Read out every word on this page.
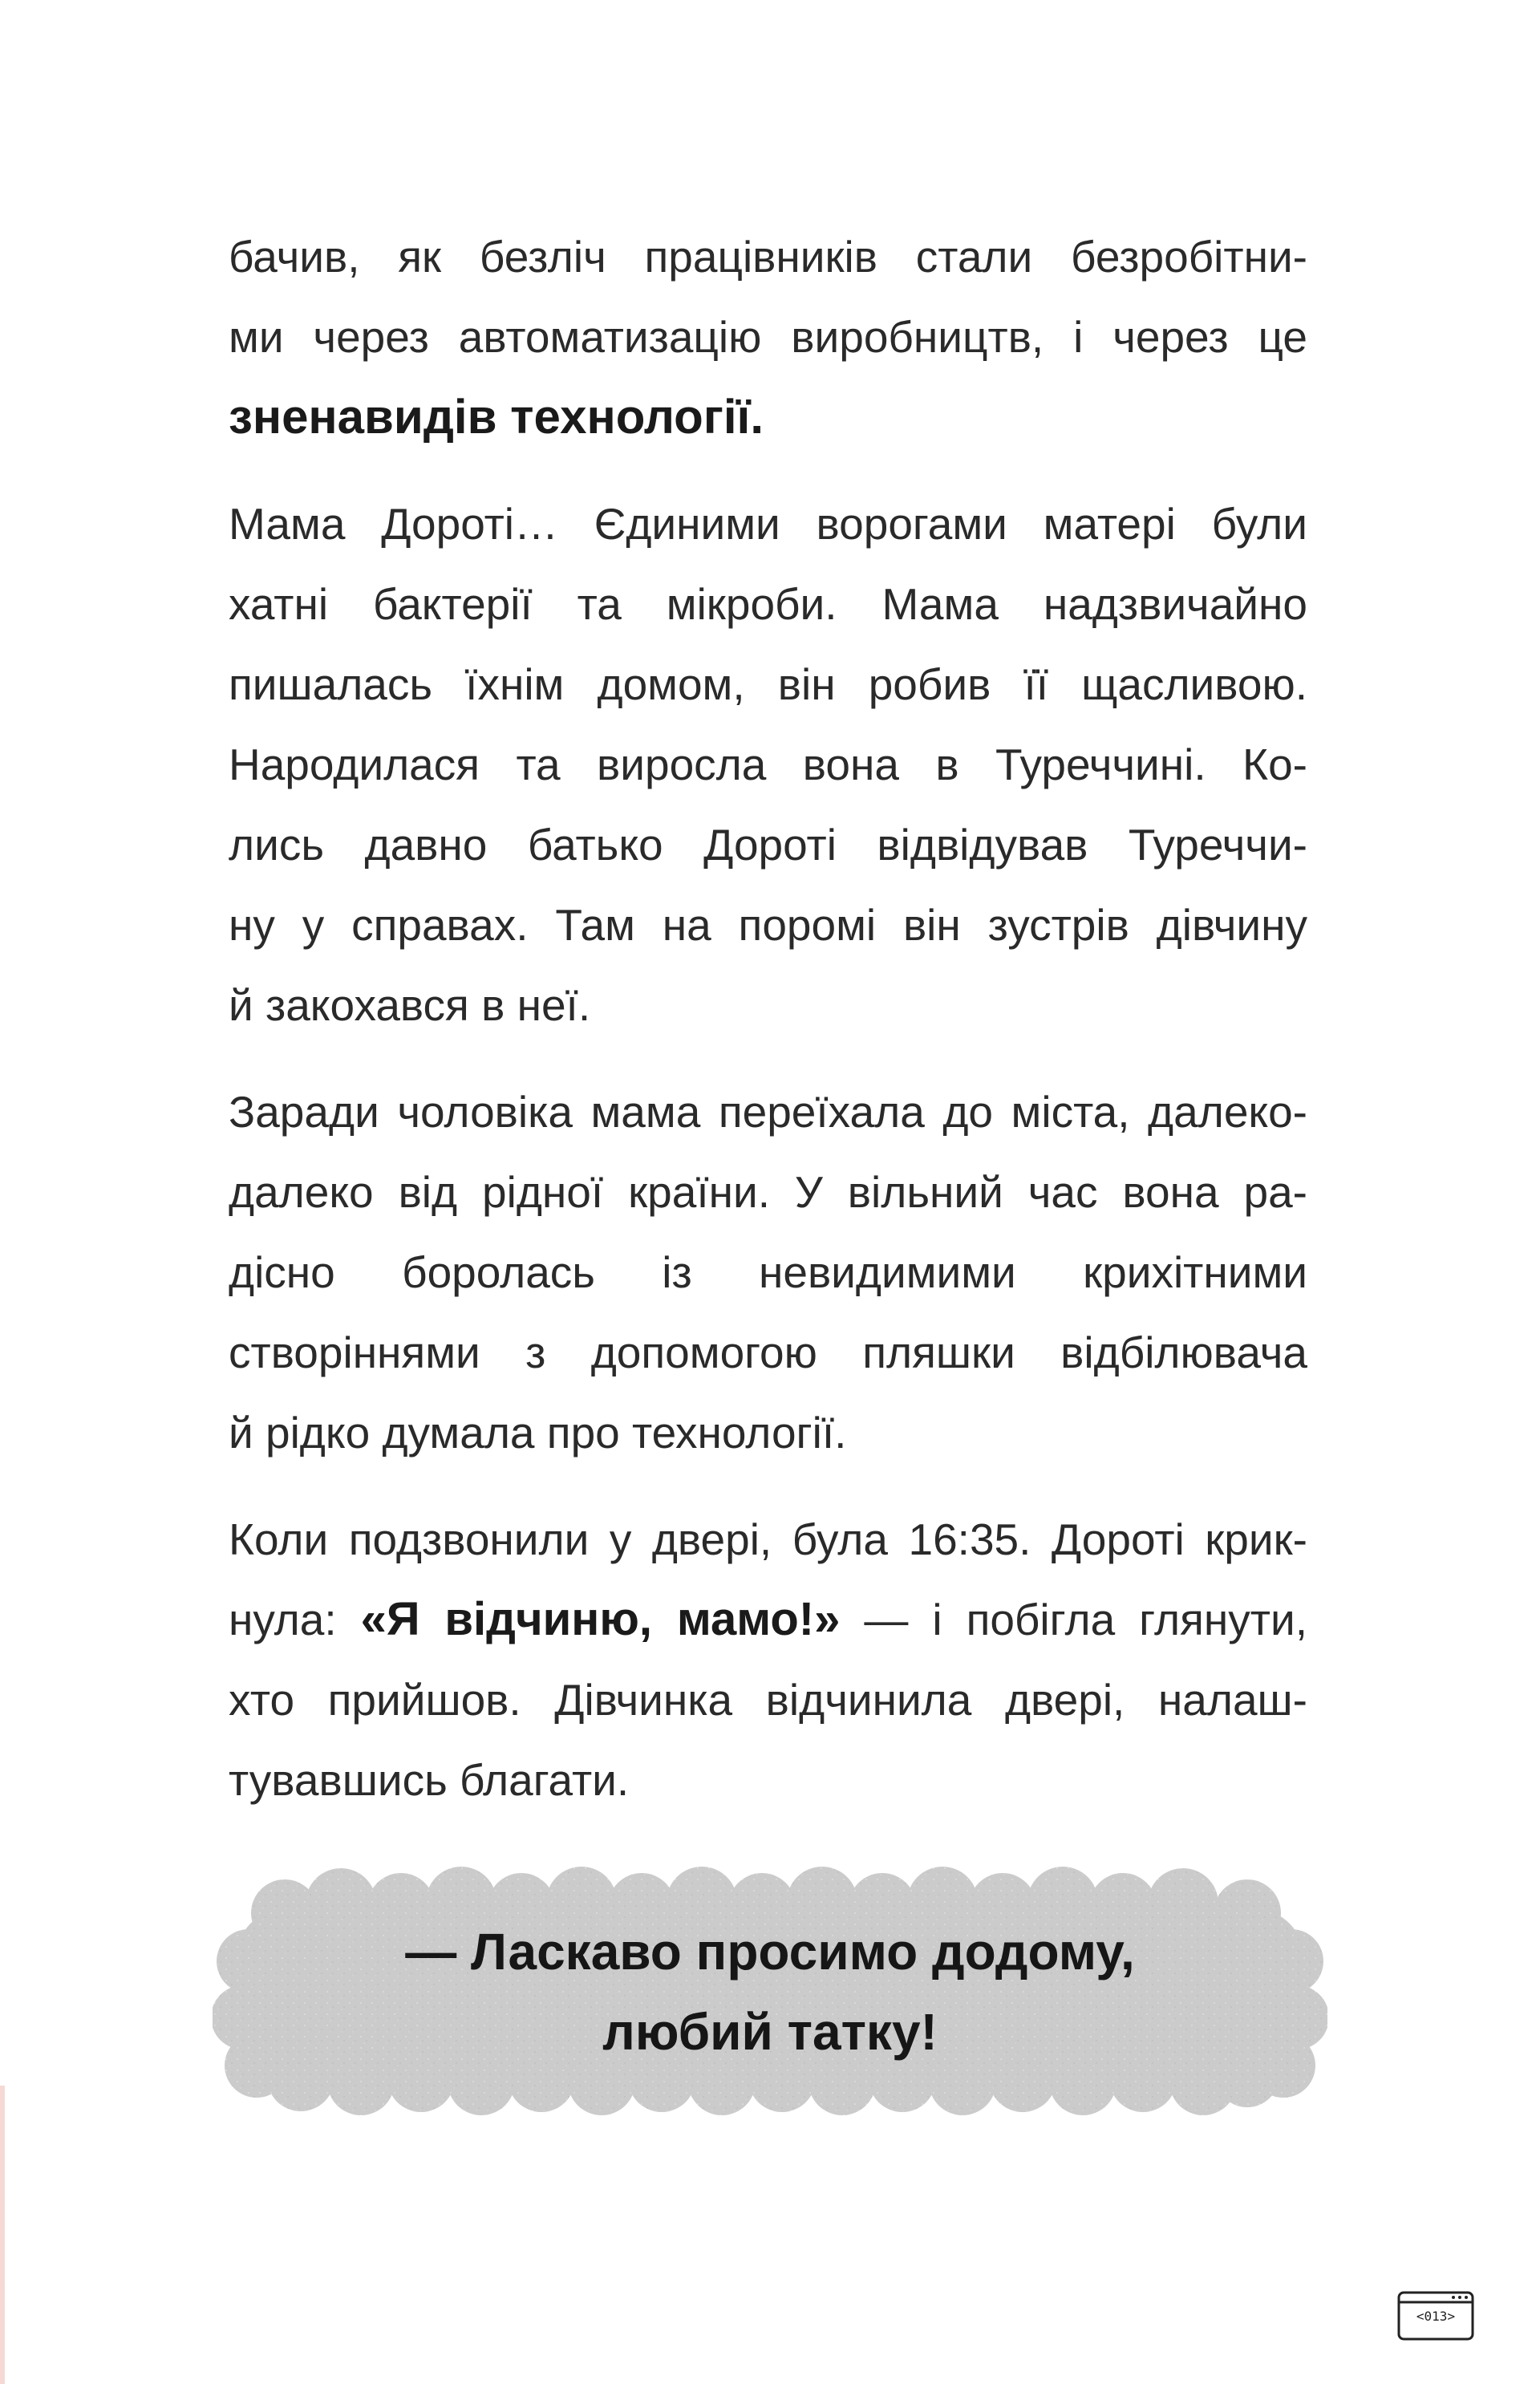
бачив, як безліч працівників стали безробітни-
ми через автоматизацію виробництв, і через це
зненавидів технології.
Мама Дороті… Єдиними ворогами матері були
хатні бактерії та мікроби. Мама надзвичайно
пишалась їхнім домом, він робив її щасливою.
Народилася та виросла вона в Туреччині. Ко-
лись давно батько Дороті відвідував Туреччи-
ну у справах. Там на поромі він зустрів дівчину
й закохався в неї.
Заради чоловіка мама переїхала до міста, далеко-
далеко від рідної країни. У вільний час вона ра-
дісно боролась із невидимими крихітними
створіннями з допомогою пляшки відбілювача
й рідко думала про технології.
Коли подзвонили у двері, була 16:35. Дороті крик-
нула: «Я відчиню, мамо!» — і побігла глянути,
хто прийшов. Дівчинка відчинила двері, налаш-
тувавшись благати.
— Ласкаво просимо додому,
любий татку!
<013>
